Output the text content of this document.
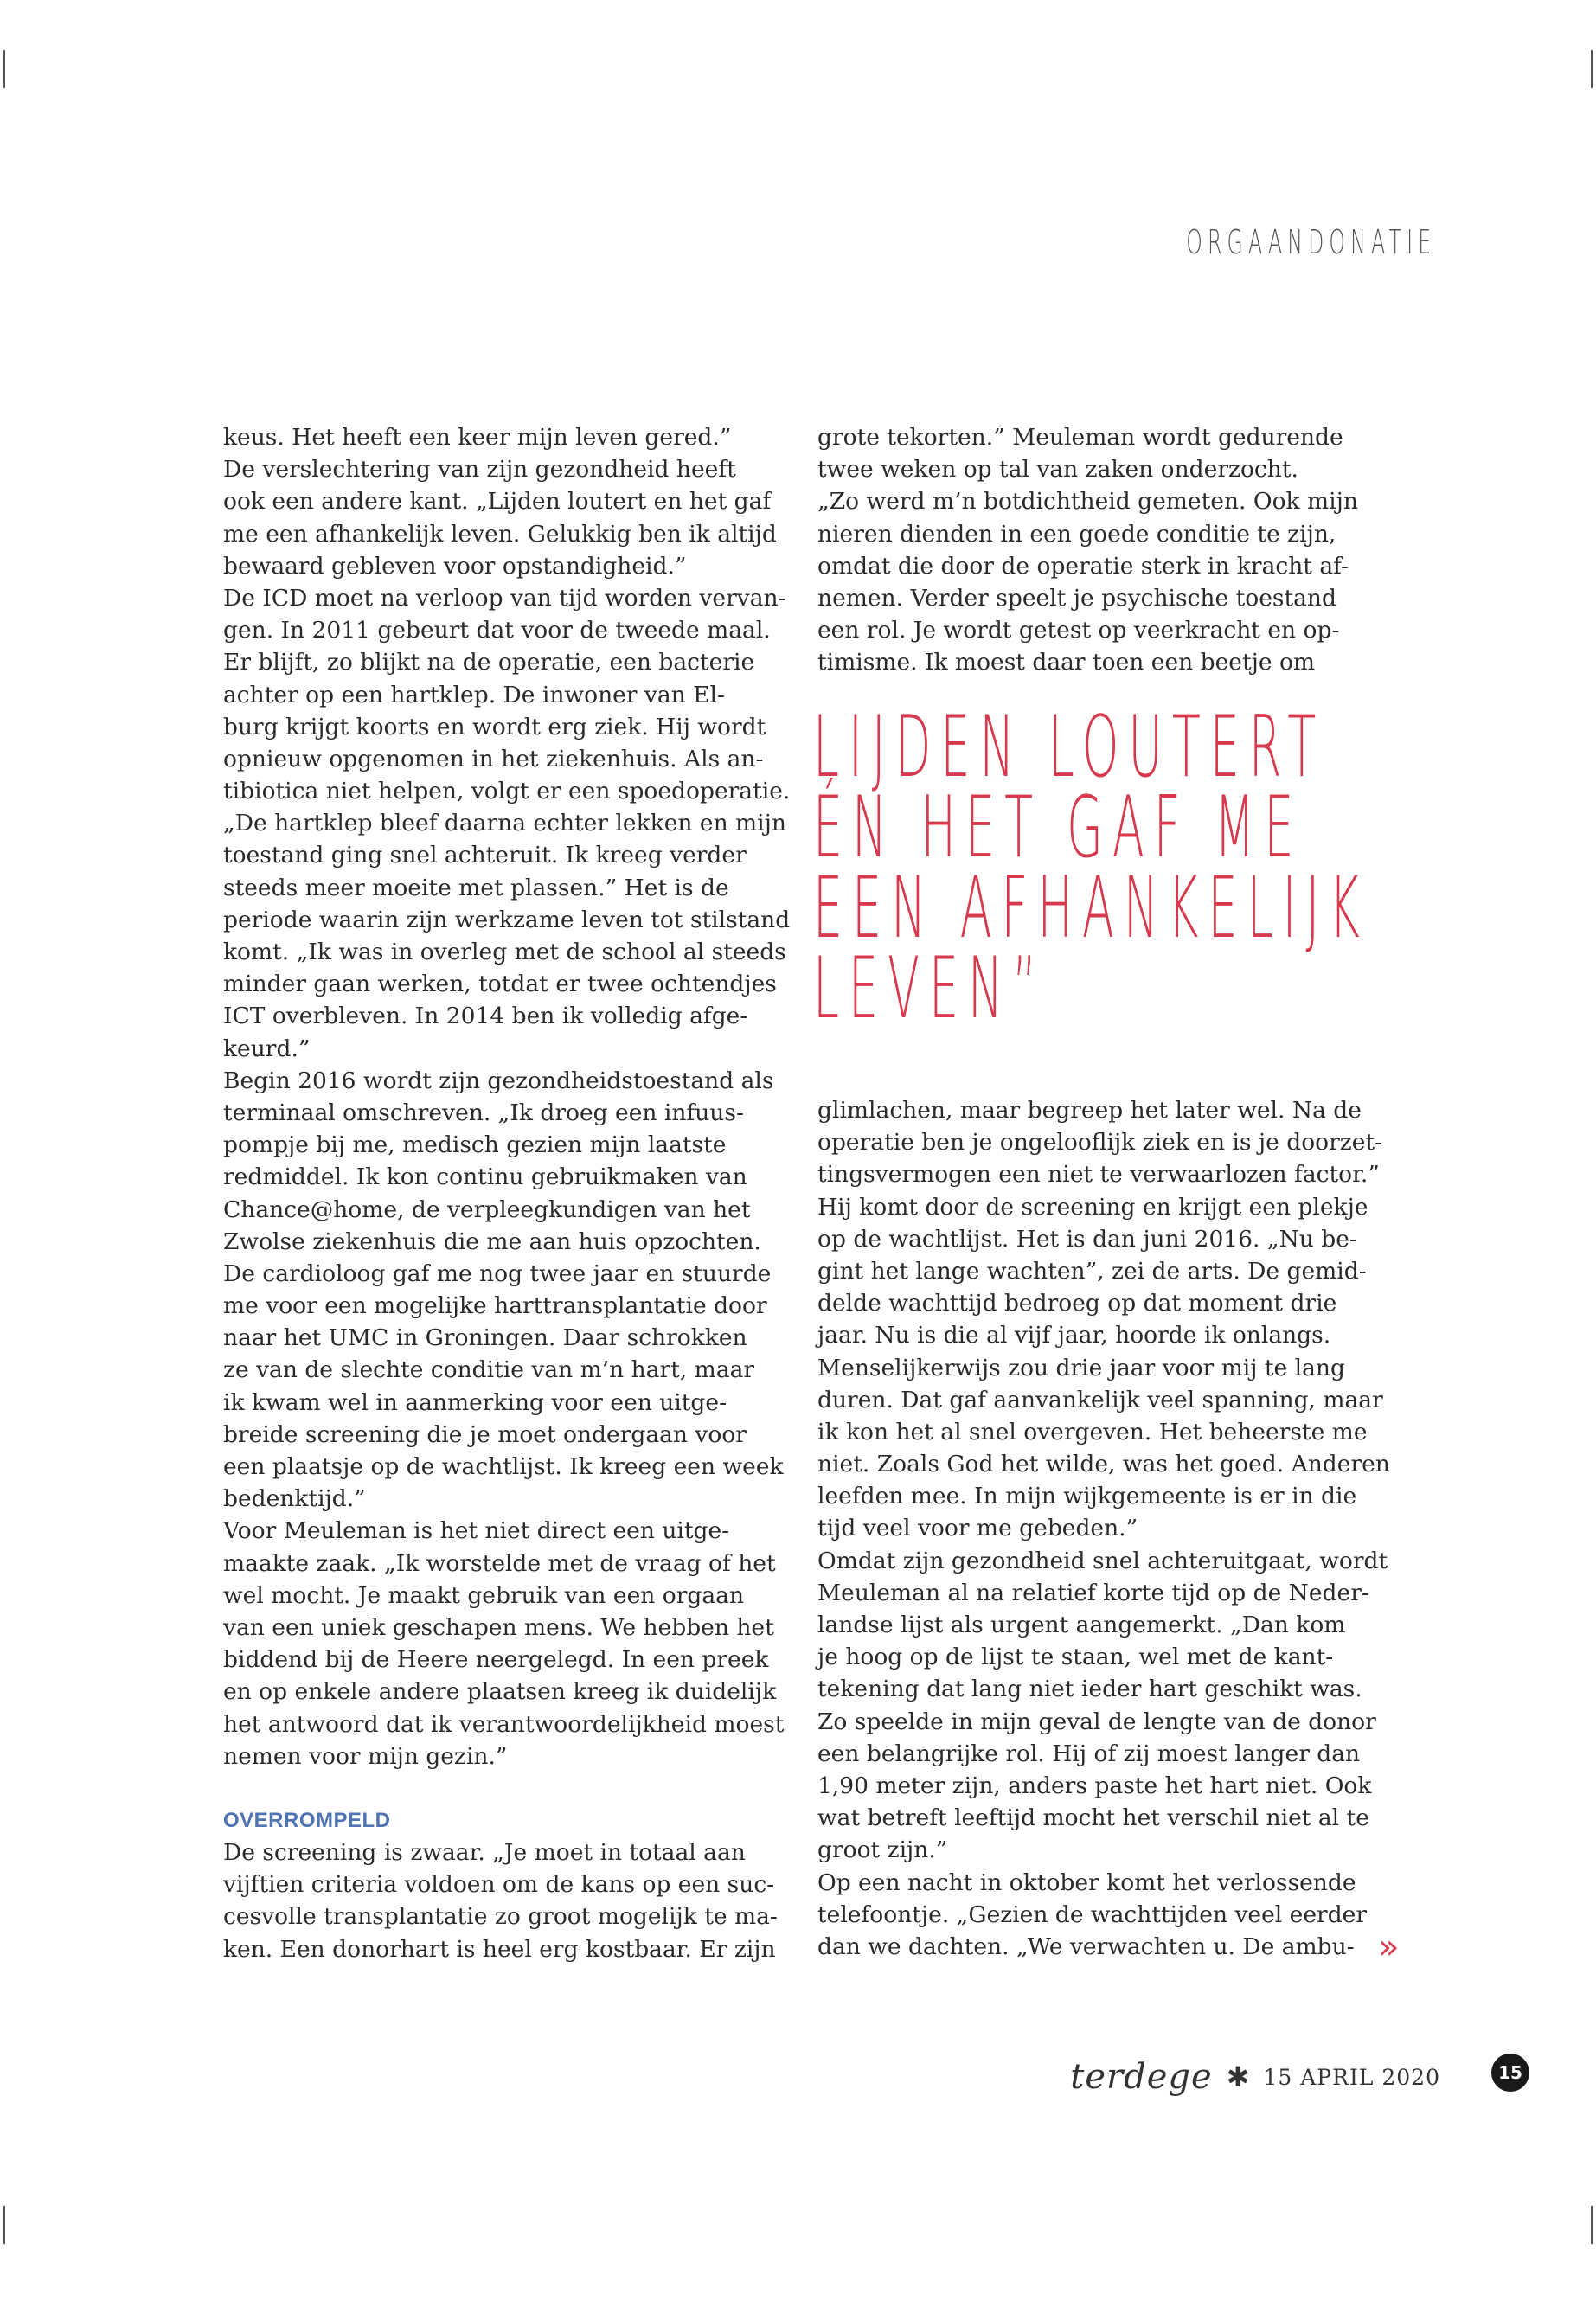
ORGAANDONATIE
keus. Het heeft een keer mijn leven gered.”
De verslechtering van zijn gezondheid heeft
ook een andere kant. „Lijden loutert en het gaf
me een afhankelijk leven. Gelukkig ben ik altijd
bewaard gebleven voor opstandigheid.”
De ICD moet na verloop van tijd worden vervan-
gen. In 2011 gebeurt dat voor de tweede maal.
Er blijft, zo blijkt na de operatie, een bacterie
achter op een hartklep. De inwoner van El-
burg krijgt koorts en wordt erg ziek. Hij wordt
opnieuw opgenomen in het ziekenhuis. Als an-
tibiotica niet helpen, volgt er een spoedoperatie.
„De hartklep bleef daarna echter lekken en mijn
toestand ging snel achteruit. Ik kreeg verder
steeds meer moeite met plassen.” Het is de
periode waarin zijn werkzame leven tot stilstand
komt. „Ik was in overleg met de school al steeds
minder gaan werken, totdat er twee ochtendjes
ICT overbleven. In 2014 ben ik volledig afge-
keurd.”
Begin 2016 wordt zijn gezondheidstoestand als
terminaal omschreven. „Ik droeg een infuus-
pompje bij me, medisch gezien mijn laatste
redmiddel. Ik kon continu gebruikmaken van
Chance@home, de verpleegkundigen van het
Zwolse ziekenhuis die me aan huis opzochten.
De cardioloog gaf me nog twee jaar en stuurde
me voor een mogelijke harttransplantatie door
naar het UMC in Groningen. Daar schrokken
ze van de slechte conditie van m’n hart, maar
ik kwam wel in aanmerking voor een uitge-
breide screening die je moet ondergaan voor
een plaatsje op de wachtlijst. Ik kreeg een week
bedenktijd.”
Voor Meuleman is het niet direct een uitge-
maakte zaak. „Ik worstelde met de vraag of het
wel mocht. Je maakt gebruik van een orgaan
van een uniek geschapen mens. We hebben het
biddend bij de Heere neergelegd. In een preek
en op enkele andere plaatsen kreeg ik duidelijk
het antwoord dat ik verantwoordelijkheid moest
nemen voor mijn gezin.”
OVERROMPELD
De screening is zwaar. „Je moet in totaal aan
vijftien criteria voldoen om de kans op een suc-
cesvolle transplantatie zo groot mogelijk te ma-
ken. Een donorhart is heel erg kostbaar. Er zijn
grote tekorten.” Meuleman wordt gedurende
twee weken op tal van zaken onderzocht.
„Zo werd m’n botdichtheid gemeten. Ook mijn
nieren dienden in een goede conditie te zijn,
omdat die door de operatie sterk in kracht af-
nemen. Verder speelt je psychische toestand
een rol. Je wordt getest op veerkracht en op-
timisme. Ik moest daar toen een beetje om
LIJDEN LOUTERT
ÉN HET GAF ME
EEN AFHANKELIJK
LEVEN”
glimlachen, maar begreep het later wel. Na de
operatie ben je ongelooflijk ziek en is je doorzet-
tingsvermogen een niet te verwaarlozen factor.”
Hij komt door de screening en krijgt een plekje
op de wachtlijst. Het is dan juni 2016. „Nu be-
gint het lange wachten”, zei de arts. De gemid-
delde wachttijd bedroeg op dat moment drie
jaar. Nu is die al vijf jaar, hoorde ik onlangs.
Menselijkerwijs zou drie jaar voor mij te lang
duren. Dat gaf aanvankelijk veel spanning, maar
ik kon het al snel overgeven. Het beheerste me
niet. Zoals God het wilde, was het goed. Anderen
leefden mee. In mijn wijkgemeente is er in die
tijd veel voor me gebeden.”
Omdat zijn gezondheid snel achteruitgaat, wordt
Meuleman al na relatief korte tijd op de Neder-
landse lijst als urgent aangemerkt. „Dan kom
je hoog op de lijst te staan, wel met de kant-
tekening dat lang niet ieder hart geschikt was.
Zo speelde in mijn geval de lengte van de donor
een belangrijke rol. Hij of zij moest langer dan
1,90 meter zijn, anders paste het hart niet. Ook
wat betreft leeftijd mocht het verschil niet al te
groot zijn.”
Op een nacht in oktober komt het verlossende
telefoontje. „Gezien de wachttijden veel eerder
dan we dachten. „We verwachten u. De ambu- »
terdege ✱ 15 APRIL 2020	15
